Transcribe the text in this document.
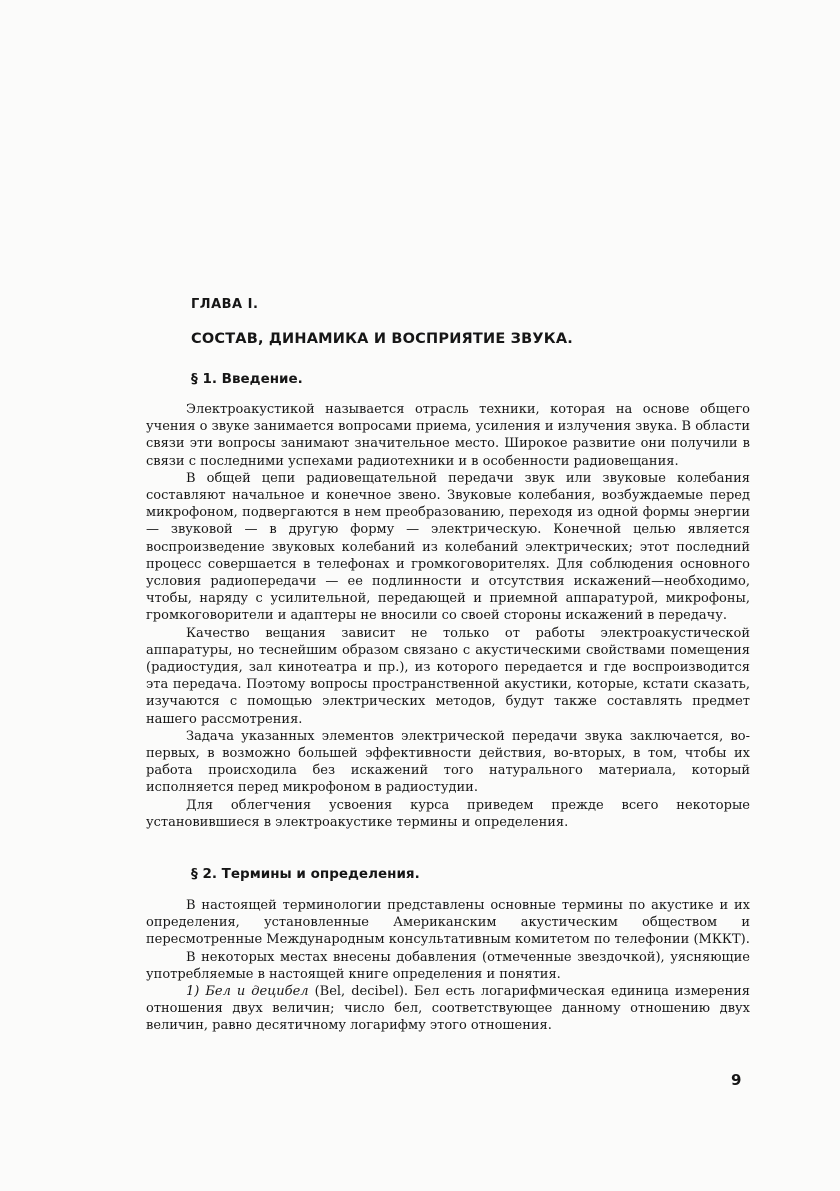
ГЛАВА I.

СОСТАВ, ДИНАМИКА И ВОСПРИЯТИЕ ЗВУКА.

§ 1. Введение.

Электроакустикой называется отрасль техники, которая на основе общего учения о звуке занимается вопросами приема, усиления и излучения звука. В области связи эти вопросы занимают значительное место. Широкое развитие они получили в связи с последними успехами радиотехники и в особенности радиовещания.

В общей цепи радиовещательной передачи звук или звуковые колебания составляют начальное и конечное звено. Звуковые колебания, возбуждаемые перед микрофоном, подвергаются в нем преобразованию, переходя из одной формы энергии — звуковой — в другую форму — электрическую. Конечной целью является воспроизведение звуковых колебаний из колебаний электрических; этот последний процесс совершается в телефонах и громкоговорителях. Для соблюдения основного условия радиопередачи — ее подлинности и отсутствия искажений—необходимо, чтобы, наряду с усилительной, передающей и приемной аппаратурой, микрофоны, громкоговорители и адаптеры не вносили со своей стороны искажений в передачу.

Качество вещания зависит не только от работы электроакустической аппаратуры, но теснейшим образом связано с акустическими свойствами помещения (радиостудия, зал кинотеатра и пр.), из которого передается и где воспроизводится эта передача. Поэтому вопросы пространственной акустики, которые, кстати сказать, изучаются с помощью электрических методов, будут также составлять предмет нашего рассмотрения.

Задача указанных элементов электрической передачи звука заключается, во-первых, в возможно большей эффективности действия, во-вторых, в том, чтобы их работа происходила без искажений того натурального материала, который исполняется перед микрофоном в радиостудии.

Для облегчения усвоения курса приведем прежде всего некоторые установившиеся в электроакустике термины и определения.

§ 2. Термины и определения.

В настоящей терминологии представлены основные термины по акустике и их определения, установленные Американским акустическим обществом и пересмотренные Международным консультативным комитетом по телефонии (МККТ).

В некоторых местах внесены добавления (отмеченные звездочкой), уясняющие употребляемые в настоящей книге определения и понятия.

1) Бел и децибел (Bel, decibel). Бел есть логарифмическая единица измерения отношения двух величин; число бел, соответствующее данному отношению двух величин, равно десятичному логарифму этого отношения.

9
